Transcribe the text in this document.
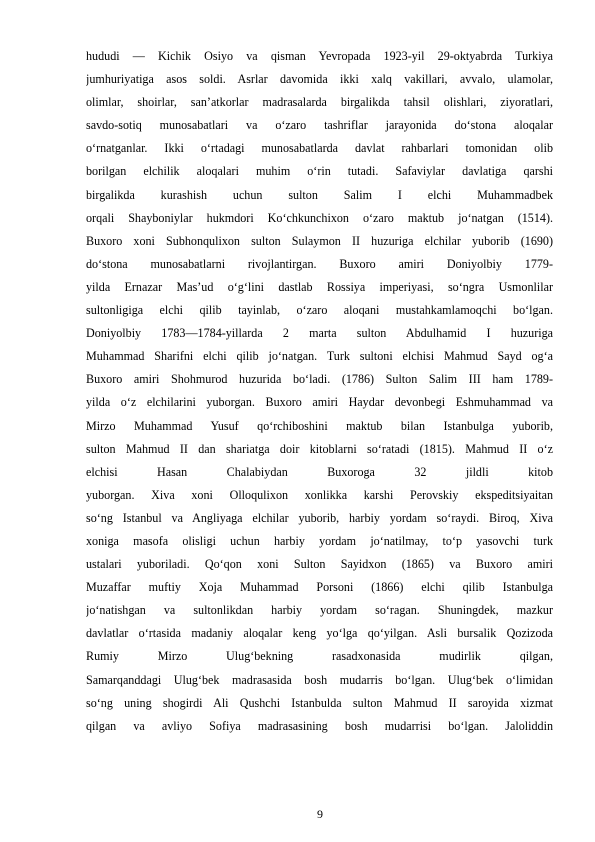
hududi — Kichik Osiyo va qisman Yevropada 1923-yil 29-oktyabrda Turkiya
jumhuriyatiga asos soldi. Asrlar davomida ikki xalq vakillari, avvalo, ulamolar,
olimlar, shoirlar, san’atkorlar madrasalarda birgalikda tahsil olishlari, ziyoratlari,
savdo-sotiq munosabatlari va o‘zaro tashriflar jarayonida do‘stona aloqalar
o‘rnatganlar. Ikki o‘rtadagi munosabatlarda davlat rahbarlari tomonidan olib
borilgan elchilik aloqalari muhim o‘rin tutadi. Safaviylar davlatiga qarshi
birgalikda kurashish uchun sulton Salim I elchi Muhammadbek
orqali Shayboniylar hukmdori Ko‘chkunchixon o‘zaro maktub jo‘natgan (1514).
Buxoro xoni Subhonqulixon sulton Sulaymon II huzuriga elchilar yuborib (1690)
do‘stona munosabatlarni rivojlantirgan. Buxoro amiri Doniyolbiy 1779-
yilda Ernazar Mas’ud o‘g‘lini dastlab Rossiya imperiyasi, so‘ngra Usmonlilar
sultonligiga elchi qilib tayinlab, o‘zaro aloqani mustahkamlamoqchi bo‘lgan.
Doniyolbiy 1783—1784-yillarda 2 marta sulton Abdulhamid I huzuriga
Muhammad Sharifni elchi qilib jo‘natgan. Turk sultoni elchisi Mahmud Sayd og‘a
Buxoro amiri Shohmurod huzurida bo‘ladi. (1786) Sulton Salim III ham 1789-
yilda o‘z elchilarini yuborgan. Buxoro amiri Haydar devonbegi Eshmuhammad va
Mirzo Muhammad Yusuf qo‘rchiboshini maktub bilan Istanbulga yuborib,
sulton Mahmud II dan shariatga doir kitoblarni so‘ratadi (1815). Mahmud II o‘z
elchisi Hasan Chalabiydan Buxoroga 32 jildli kitob
yuborgan. Xiva xoni Olloqulixon xonlikka karshi Perovskiy ekspeditsiyaitan
so‘ng Istanbul va Angliyaga elchilar yuborib, harbiy yordam so‘raydi. Biroq, Xiva
xoniga masofa olisligi uchun harbiy yordam jo‘natilmay, to‘p yasovchi turk
ustalari yuboriladi. Qo‘qon xoni Sulton Sayidxon (1865) va Buxoro amiri
Muzaffar muftiy Xoja Muhammad Porsoni (1866) elchi qilib Istanbulga
jo‘natishgan va sultonlikdan harbiy yordam so‘ragan. Shuningdek, mazkur
davlatlar o‘rtasida madaniy aloqalar keng yo‘lga qo‘yilgan. Asli bursalik Qozizoda
Rumiy Mirzo Ulug‘bekning rasadxonasida mudirlik qilgan,
Samarqanddagi Ulug‘bek madrasasida bosh mudarris bo‘lgan. Ulug‘bek o‘limidan
so‘ng uning shogirdi Ali Qushchi Istanbulda sulton Mahmud II saroyida xizmat
qilgan va avliyo Sofiya madrasasining bosh mudarrisi bo‘lgan. Jaloliddin
9
